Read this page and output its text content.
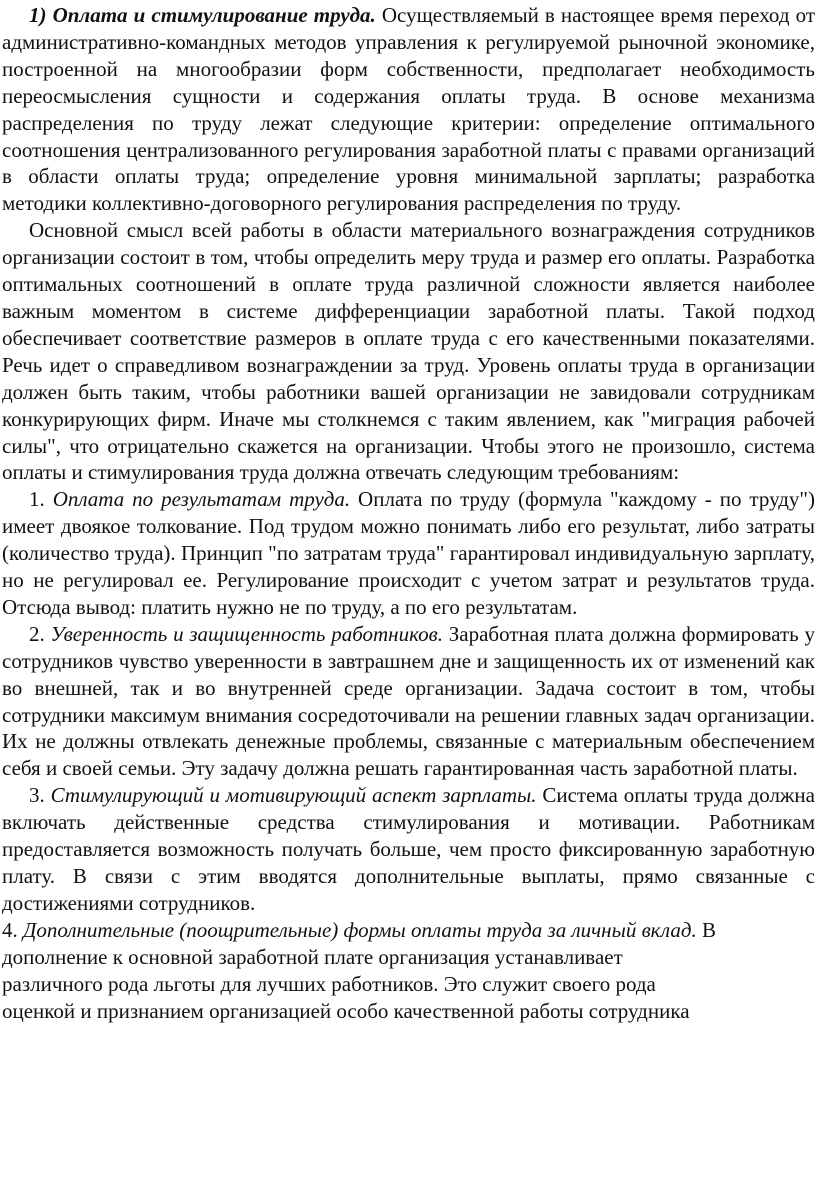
1) Оплата и стимулирование труда. Осуществляемый в настоящее время переход от административно-командных методов управления к регулируемой рыночной экономике, построенной на многообразии форм собственности, предполагает необходимость переосмысления сущности и содержания оплаты труда. В основе механизма распределения по труду лежат следующие критерии: определение оптимального соотношения централизованного регулирования заработной платы с правами организаций в области оплаты труда; определение уровня минимальной зарплаты; разработка методики коллективно-договорного регулирования распределения по труду.

Основной смысл всей работы в области материального вознаграждения сотрудников организации состоит в том, чтобы определить меру труда и размер его оплаты. Разработка оптимальных соотношений в оплате труда различной сложности является наиболее важным моментом в системе дифференциации заработной платы. Такой подход обеспечивает соответствие размеров в оплате труда с его качественными показателями. Речь идет о справедливом вознаграждении за труд. Уровень оплаты труда в организации должен быть таким, чтобы работники вашей организации не завидовали сотрудникам конкурирующих фирм. Иначе мы столкнемся с таким явлением, как "миграция рабочей силы", что отрицательно скажется на организации. Чтобы этого не произошло, система оплаты и стимулирования труда должна отвечать следующим требованиям:

1. Оплата по результатам труда. Оплата по труду (формула "каждому - по труду") имеет двоякое толкование. Под трудом можно понимать либо его результат, либо затраты (количество труда). Принцип "по затратам труда" гарантировал индивидуальную зарплату, но не регулировал ее. Регулирование происходит с учетом затрат и результатов труда. Отсюда вывод: платить нужно не по труду, а по его результатам.

2. Уверенность и защищенность работников. Заработная плата должна формировать у сотрудников чувство уверенности в завтрашнем дне и защищенность их от изменений как во внешней, так и во внутренней среде организации. Задача состоит в том, чтобы сотрудники максимум внимания сосредоточивали на решении главных задач организации. Их не должны отвлекать денежные проблемы, связанные с материальным обеспечением себя и своей семьи. Эту задачу должна решать гарантированная часть заработной платы.

3. Стимулирующий и мотивирующий аспект зарплаты. Система оплаты труда должна включать действенные средства стимулирования и мотивации. Работникам предоставляется возможность получать больше, чем просто фиксированную заработную плату. В связи с этим вводятся дополнительные выплаты, прямо связанные с достижениями сотрудников.

4. Дополнительные (поощрительные) формы оплаты труда за личный вклад. В
дополнение к основной заработной плате организация устанавливает
различного рода льготы для лучших работников. Это служит своего рода
оценкой и признанием организацией особо качественной работы сотрудника
